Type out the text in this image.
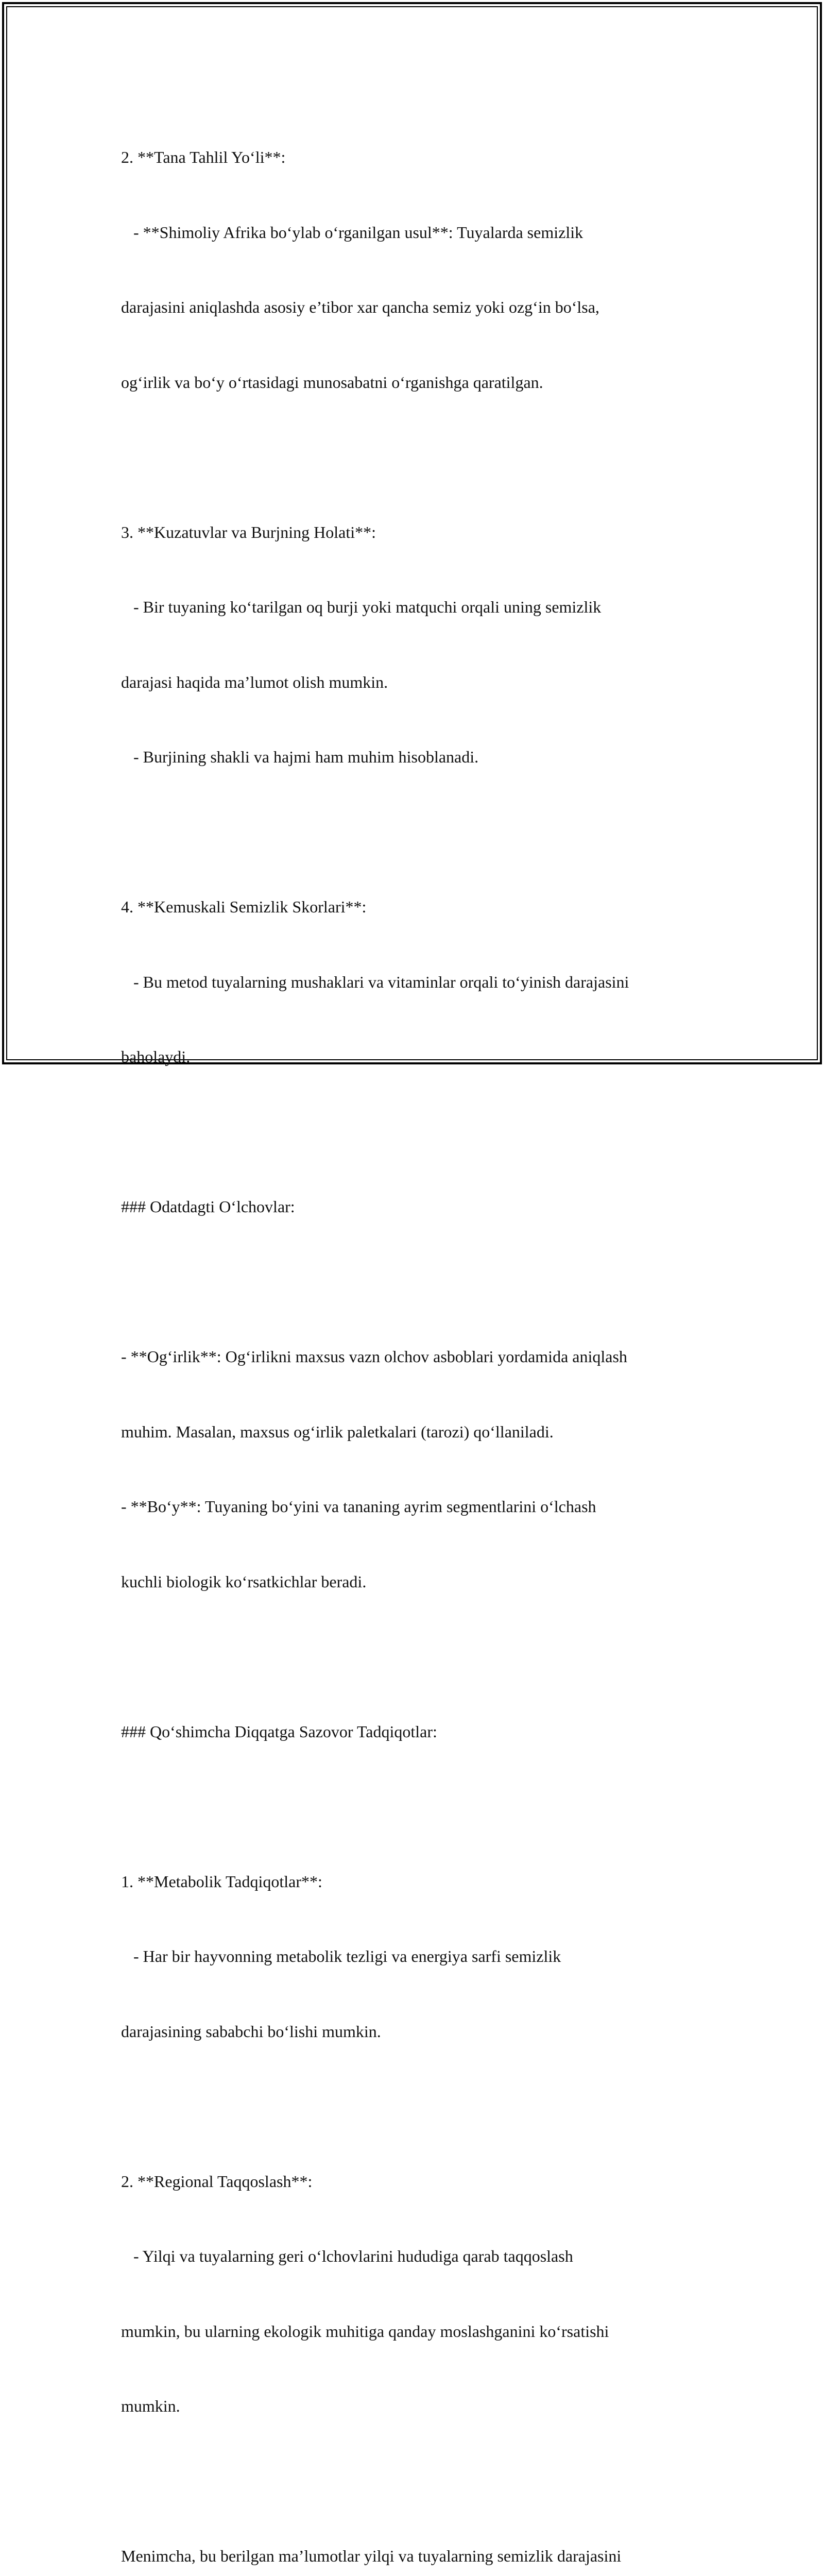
2. **Tana Tahlil Yo‘li**:

- **Shimoliy Afrika bo‘ylab o‘rganilgan usul**: Tuyalarda semizlik

darajasini aniqlashda asosiy e’tibor xar qancha semiz yoki ozg‘in bo‘lsa,

og‘irlik va bo‘y o‘rtasidagi munosabatni o‘rganishga qaratilgan.

3. **Kuzatuvlar va Burjning Holati**:

- Bir tuyaning ko‘tarilgan oq burji yoki matquchi orqali uning semizlik

darajasi haqida ma’lumot olish mumkin.

- Burjining shakli va hajmi ham muhim hisoblanadi.

4. **Kemuskali Semizlik Skorlari**:

- Bu metod tuyalarning mushaklari va vitaminlar orqali to‘yinish darajasini

baholaydi.

### Odatdagti O‘lchovlar:

- **Og‘irlik**: Og‘irlikni maxsus vazn olchov asboblari yordamida aniqlash

muhim. Masalan, maxsus og‘irlik paletkalari (tarozi) qo‘llaniladi.

- **Bo‘y**: Tuyaning bo‘yini va tananing ayrim segmentlarini o‘lchash

kuchli biologik ko‘rsatkichlar beradi.

### Qo‘shimcha Diqqatga Sazovor Tadqiqotlar:

1. **Metabolik Tadqiqotlar**:

- Har bir hayvonning metabolik tezligi va energiya sarfi semizlik

darajasining sababchi bo‘lishi mumkin.

2. **Regional Taqqoslash**:

- Yilqi va tuyalarning geri o‘lchovlarini hududiga qarab taqqoslash

mumkin, bu ularning ekologik muhitiga qanday moslashganini ko‘rsatishi

mumkin.

Menimcha, bu berilgan ma’lumotlar yilqi va tuyalarning semizlik darajasini
